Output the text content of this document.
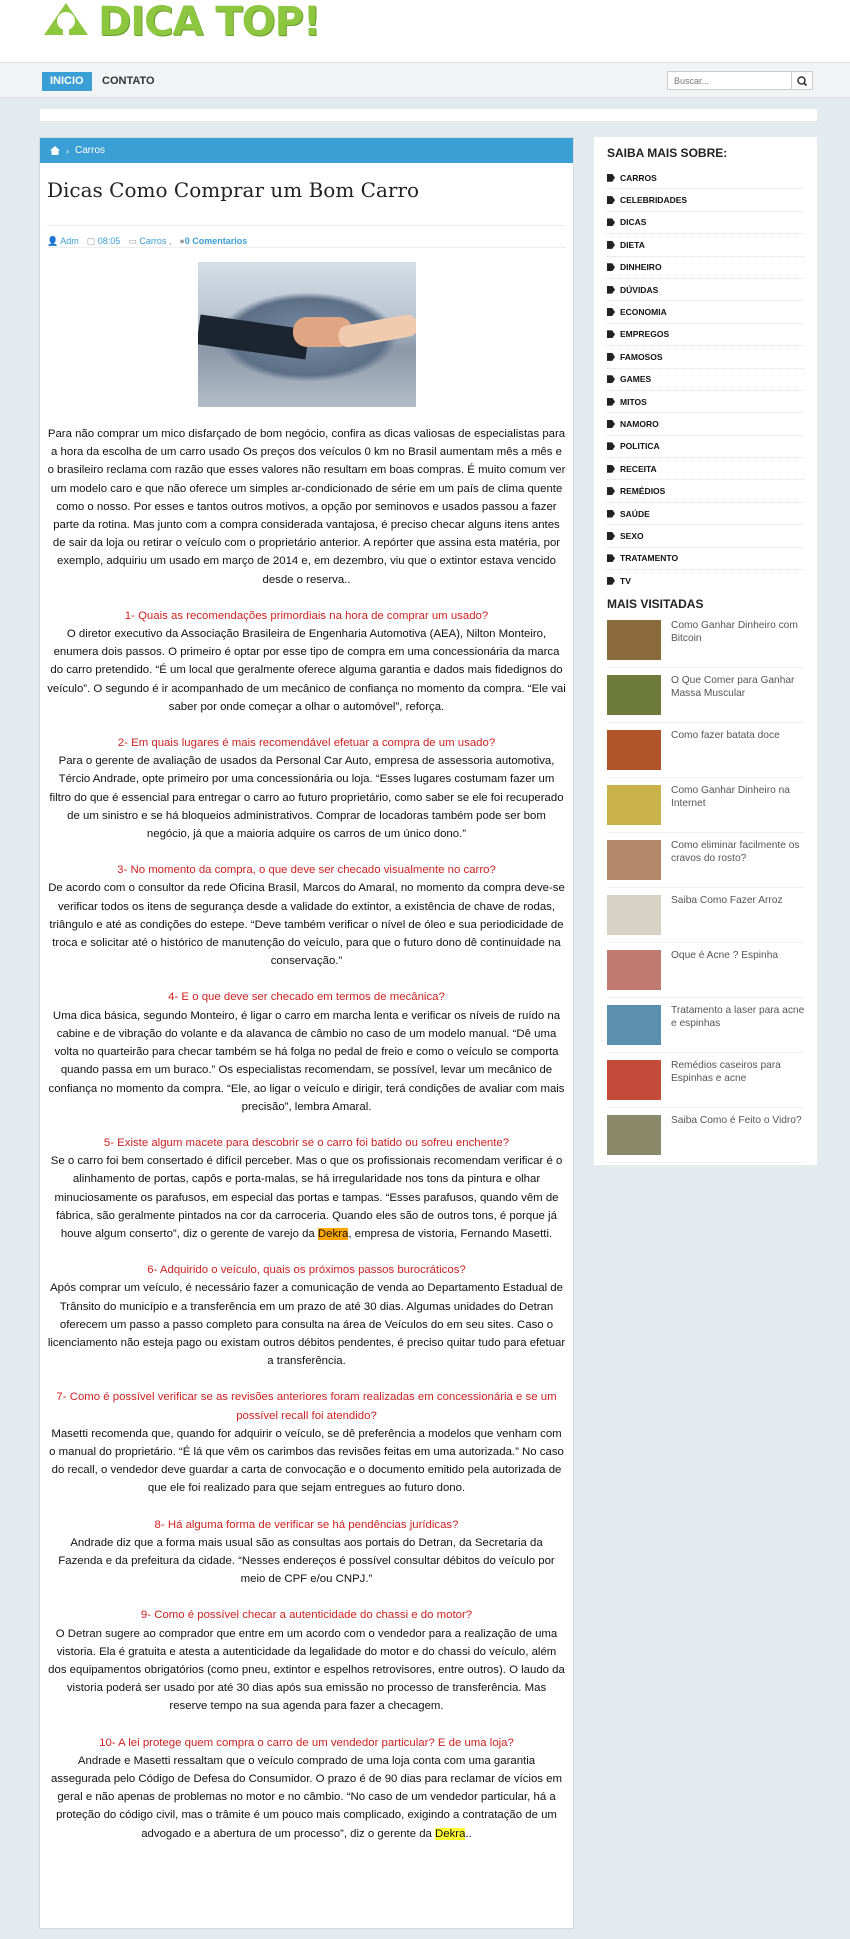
DICA TOP!
INICIO	CONTATO
Buscar...
› Carros
Dicas Como Comprar um Bom Carro
👤 Adm ▢ 08:05 ▭ Carros , ●0 Comentarios

Para não comprar um mico disfarçado de bom negócio, confira as dicas valiosas de especialistas para a hora da escolha de um carro usado Os preços dos veículos 0 km no Brasil aumentam mês a mês e o brasileiro reclama com razão que esses valores não resultam em boas compras. É muito comum ver um modelo caro e que não oferece um simples ar-condicionado de série em um país de clima quente como o nosso. Por esses e tantos outros motivos, a opção por seminovos e usados passou a fazer parte da rotina. Mas junto com a compra considerada vantajosa, é preciso checar alguns itens antes de sair da loja ou retirar o veículo com o proprietário anterior. A repórter que assina esta matéria, por exemplo, adquiriu um usado em março de 2014 e, em dezembro, viu que o extintor estava vencido desde o reserva..

1- Quais as recomendações primordiais na hora de comprar um usado?

O diretor executivo da Associação Brasileira de Engenharia Automotiva (AEA), Nilton Monteiro, enumera dois passos. O primeiro é optar por esse tipo de compra em uma concessionária da marca do carro pretendido. “É um local que geralmente oferece alguma garantia e dados mais fidedignos do veículo”. O segundo é ir acompanhado de um mecânico de confiança no momento da compra. “Ele vai saber por onde começar a olhar o automóvel”, reforça.

2- Em quais lugares é mais recomendável efetuar a compra de um usado?

Para o gerente de avaliação de usados da Personal Car Auto, empresa de assessoria automotiva, Tércio Andrade, opte primeiro por uma concessionária ou loja. “Esses lugares costumam fazer um filtro do que é essencial para entregar o carro ao futuro proprietário, como saber se ele foi recuperado de um sinistro e se há bloqueios administrativos. Comprar de locadoras também pode ser bom negócio, já que a maioria adquire os carros de um único dono.”

3- No momento da compra, o que deve ser checado visualmente no carro?

De acordo com o consultor da rede Oficina Brasil, Marcos do Amaral, no momento da compra deve-se verificar todos os itens de segurança desde a validade do extintor, a existência de chave de rodas, triângulo e até as condições do estepe. “Deve também verificar o nível de óleo e sua periodicidade de troca e solicitar até o histórico de manutenção do veículo, para que o futuro dono dê continuidade na conservação.”

4- E o que deve ser checado em termos de mecânica?

Uma dica básica, segundo Monteiro, é ligar o carro em marcha lenta e verificar os níveis de ruído na cabine e de vibração do volante e da alavanca de câmbio no caso de um modelo manual. “Dê uma volta no quarteirão para checar também se há folga no pedal de freio e como o veículo se comporta quando passa em um buraco.” Os especialistas recomendam, se possível, levar um mecânico de confiança no momento da compra. “Ele, ao ligar o veículo e dirigir, terá condições de avaliar com mais precisão”, lembra Amaral.

5- Existe algum macete para descobrir se o carro foi batido ou sofreu enchente?

Se o carro foi bem consertado é difícil perceber. Mas o que os profissionais recomendam verificar é o alinhamento de portas, capôs e porta-malas, se há irregularidade nos tons da pintura e olhar minuciosamente os parafusos, em especial das portas e tampas. “Esses parafusos, quando vêm de fábrica, são geralmente pintados na cor da carroceria. Quando eles são de outros tons, é porque já houve algum conserto”, diz o gerente de varejo da Dekra, empresa de vistoria, Fernando Masetti.

6- Adquirido o veículo, quais os próximos passos burocráticos?

Após comprar um veículo, é necessário fazer a comunicação de venda ao Departamento Estadual de Trânsito do município e a transferência em um prazo de até 30 dias. Algumas unidades do Detran oferecem um passo a passo completo para consulta na área de Veículos do em seu sites. Caso o licenciamento não esteja pago ou existam outros débitos pendentes, é preciso quitar tudo para efetuar a transferência.

7- Como é possível verificar se as revisões anteriores foram realizadas em concessionária e se um possível recall foi atendido?

Masetti recomenda que, quando for adquirir o veículo, se dê preferência a modelos que venham com o manual do proprietário. “É lá que vêm os carimbos das revisões feitas em uma autorizada.” No caso do recall, o vendedor deve guardar a carta de convocação e o documento emitido pela autorizada de que ele foi realizado para que sejam entregues ao futuro dono.

8- Há alguma forma de verificar se há pendências jurídicas?

Andrade diz que a forma mais usual são as consultas aos portais do Detran, da Secretaria da Fazenda e da prefeitura da cidade. “Nesses endereços é possível consultar débitos do veículo por meio de CPF e/ou CNPJ.”

9- Como é possível checar a autenticidade do chassi e do motor?

O Detran sugere ao comprador que entre em um acordo com o vendedor para a realização de uma vistoria. Ela é gratuita e atesta a autenticidade da legalidade do motor e do chassi do veículo, além dos equipamentos obrigatórios (como pneu, extintor e espelhos retrovisores, entre outros). O laudo da vistoria poderá ser usado por até 30 dias após sua emissão no processo de transferência. Mas reserve tempo na sua agenda para fazer a checagem.

10- A lei protege quem compra o carro de um vendedor particular? E de uma loja?

Andrade e Masetti ressaltam que o veículo comprado de uma loja conta com uma garantia assegurada pelo Código de Defesa do Consumidor. O prazo é de 90 dias para reclamar de vícios em geral e não apenas de problemas no motor e no câmbio. “No caso de um vendedor particular, há a proteção do código civil, mas o trâmite é um pouco mais complicado, exigindo a contratação de um advogado e a abertura de um processo”, diz o gerente da Dekra..

SAIBA MAIS SOBRE:
CARROS
CELEBRIDADES
DICAS
DIETA
DINHEIRO
DÚVIDAS
ECONOMIA
EMPREGOS
FAMOSOS
GAMES
MITOS
NAMORO
POLITICA
RECEITA
REMÉDIOS
SAÚDE
SEXO
TRATAMENTO
TV
MAIS VISITADAS
Como Ganhar Dinheiro com Bitcoin
O Que Comer para Ganhar Massa Muscular
Como fazer batata doce
Como Ganhar Dinheiro na Internet
Como eliminar facilmente os cravos do rosto?
Saiba Como Fazer Arroz
Oque é Acne ? Espinha
Tratamento a laser para acne e espinhas
Remédios caseiros para Espinhas e acne
Saiba Como é Feito o Vidro?
